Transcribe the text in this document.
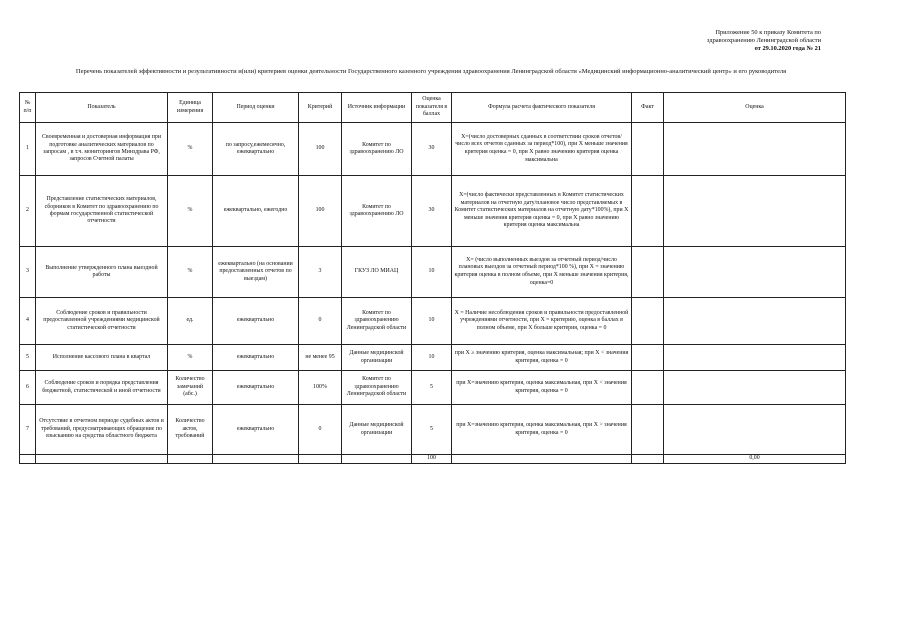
Приложение 50 к приказу Комитета по
здравоохранению Ленинградской области
от 29.10.2020 года № 21
Перечень показателей эффективности и результативности и(или) критериев оценки деятельности Государственного казенного учреждения здравоохранения Ленинградской области «Медицинский информационно-аналитический центр» и его руководителя
№ п/п	Показатель	Единица измерения	Период оценки	Критерий	Источник информации	Оценка показателя в баллах	Формула расчета фактического показателя	Факт	Оценка
1	Своевременная и достоверная информация при подготовке аналитических материалов по запросам , в т.ч. мониторингов Минздрава РФ, запросов Счетной палаты	%	по запросу,ежемесячно, ежеквартально	100	Комитет по здравоохранению ЛО	30	Х=(число достоверных сданных в соответствии сроков отчетов/ число всех отчетов сданных за период*100), при Х меньше значения критерия оценка = 0, при Х равно значению критерия оценка максимальна		
2	Представление статистических материалов, сборников в Комитет по здравоохранению по формам государственной статистической отчетности	%	ежеквартально, ежегодно	100	Комитет по здравоохранению ЛО	30	Х=(число фактически представленных в Комитет статистических материалов на отчетную дату/плановое число представляемых в Комитет статистических материалов на отчетную дату*100%), при Х меньше значения критерия оценка = 0, при Х равно значению критерия оценка максимальна		
3	Выполнение утвержденного плана выездной работы	%	ежеквартально (на основании предоставленных отчетов по выездам)	3	ГКУЗ ЛО МИАЦ	10	Х= (число выполненных выездов за отчетный период/число плановых выездов за отчетный период*100 %), при Х = значению критерия оценка в полном объеме, при Х меньше значения критерия, оценка=0		
4	Соблюдение сроков и правильности предоставленной учреждениями медицинской статистической отчетности	ед.	ежеквартально	0	Комитет по здравоохранению Ленинградской области	10	Х = Наличие несоблюдения сроков и правильности предоставленной учреждениями отчетности, при Х = критерию, оценка в баллах в полном объеме, при Х больше критерия, оценка = 0		
5	Исполнение кассового плана в квартал	%	ежеквартально	не менее 95	Данные медицинской организации	10	при Х ≥ значению критерия, оценка максимальная; при Х < значения критерия, оценка = 0		
6	Соблюдение сроков и порядка представления бюджетной, статистической и иной отчетности	Количество замечаний (абс.)	ежеквартально	100%	Комитет по здравоохранению Ленинградской области	5	при Х=значению критерия, оценка максимальная, при Х < значения критерия, оценка = 0		
7	Отсутствие в отчетном периоде судебных актов и требований, предусматривающих обращение по взысканию на средства областного бюджета	Количество актов, требований	ежеквартально	0	Данные медицинской организации	5	при Х=значению критерия, оценка максимальная, при Х > значения критерия, оценка = 0		
						100			0,00
